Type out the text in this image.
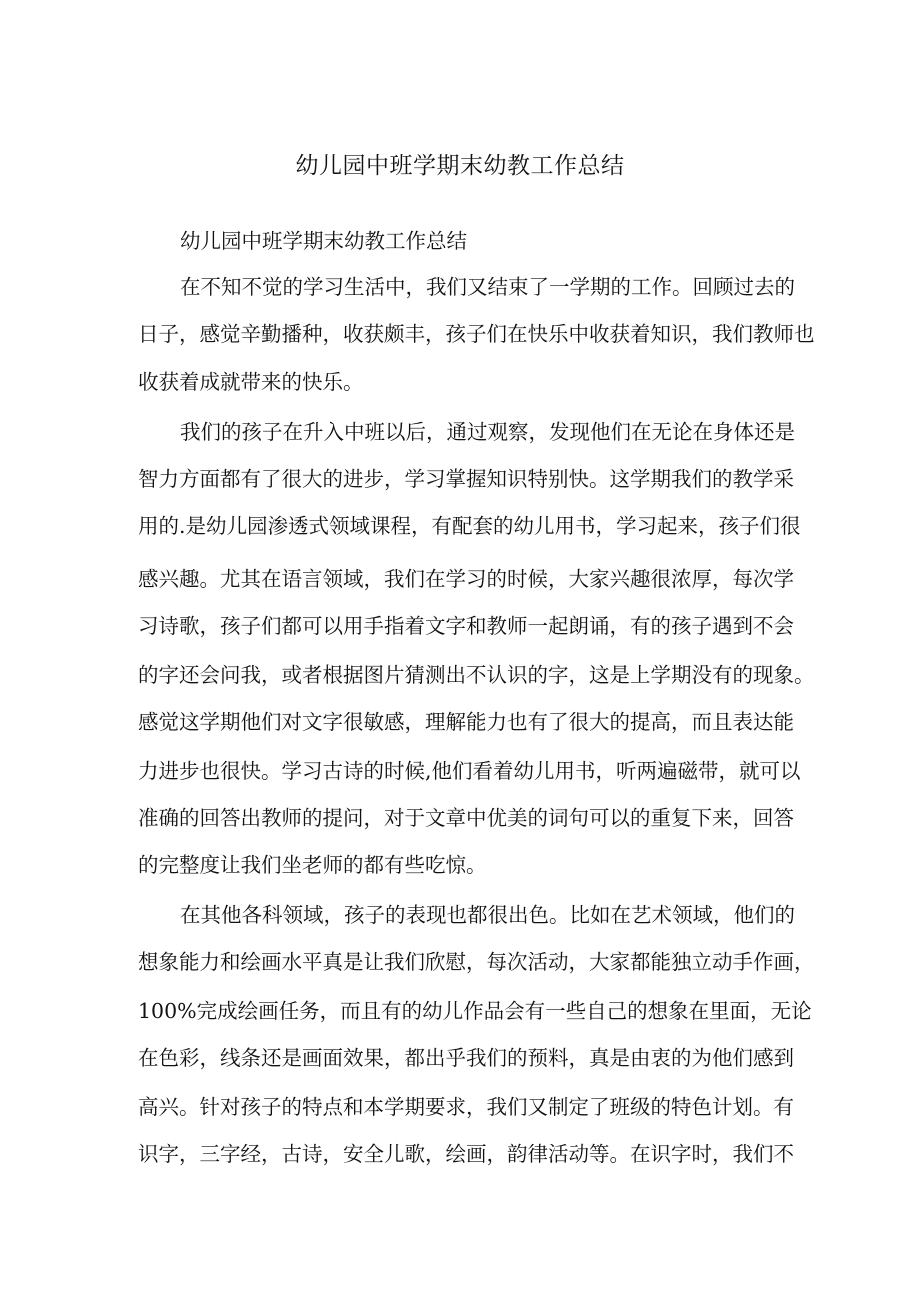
幼儿园中班学期末幼教工作总结
幼儿园中班学期末幼教工作总结
在不知不觉的学习生活中，我们又结束了一学期的工作。回顾过去的
日子，感觉辛勤播种，收获颇丰，孩子们在快乐中收获着知识，我们教师也
收获着成就带来的快乐。
我们的孩子在升入中班以后，通过观察，发现他们在无论在身体还是
智力方面都有了很大的进步，学习掌握知识特别快。这学期我们的教学采
用的.是幼儿园渗透式领域课程，有配套的幼儿用书，学习起来，孩子们很
感兴趣。尤其在语言领域，我们在学习的时候，大家兴趣很浓厚，每次学
习诗歌，孩子们都可以用手指着文字和教师一起朗诵，有的孩子遇到不会
的字还会问我，或者根据图片猜测出不认识的字，这是上学期没有的现象。
感觉这学期他们对文字很敏感，理解能力也有了很大的提高，而且表达能
力进步也很快。学习古诗的时候,他们看着幼儿用书，听两遍磁带，就可以
准确的回答出教师的提问，对于文章中优美的词句可以的重复下来，回答
的完整度让我们坐老师的都有些吃惊。
在其他各科领域，孩子的表现也都很出色。比如在艺术领域，他们的
想象能力和绘画水平真是让我们欣慰，每次活动，大家都能独立动手作画，
100%完成绘画任务，而且有的幼儿作品会有一些自己的想象在里面，无论
在色彩，线条还是画面效果，都出乎我们的预料，真是由衷的为他们感到
高兴。针对孩子的特点和本学期要求，我们又制定了班级的特色计划。有
识字，三字经，古诗，安全儿歌，绘画，韵律活动等。在识字时，我们不
